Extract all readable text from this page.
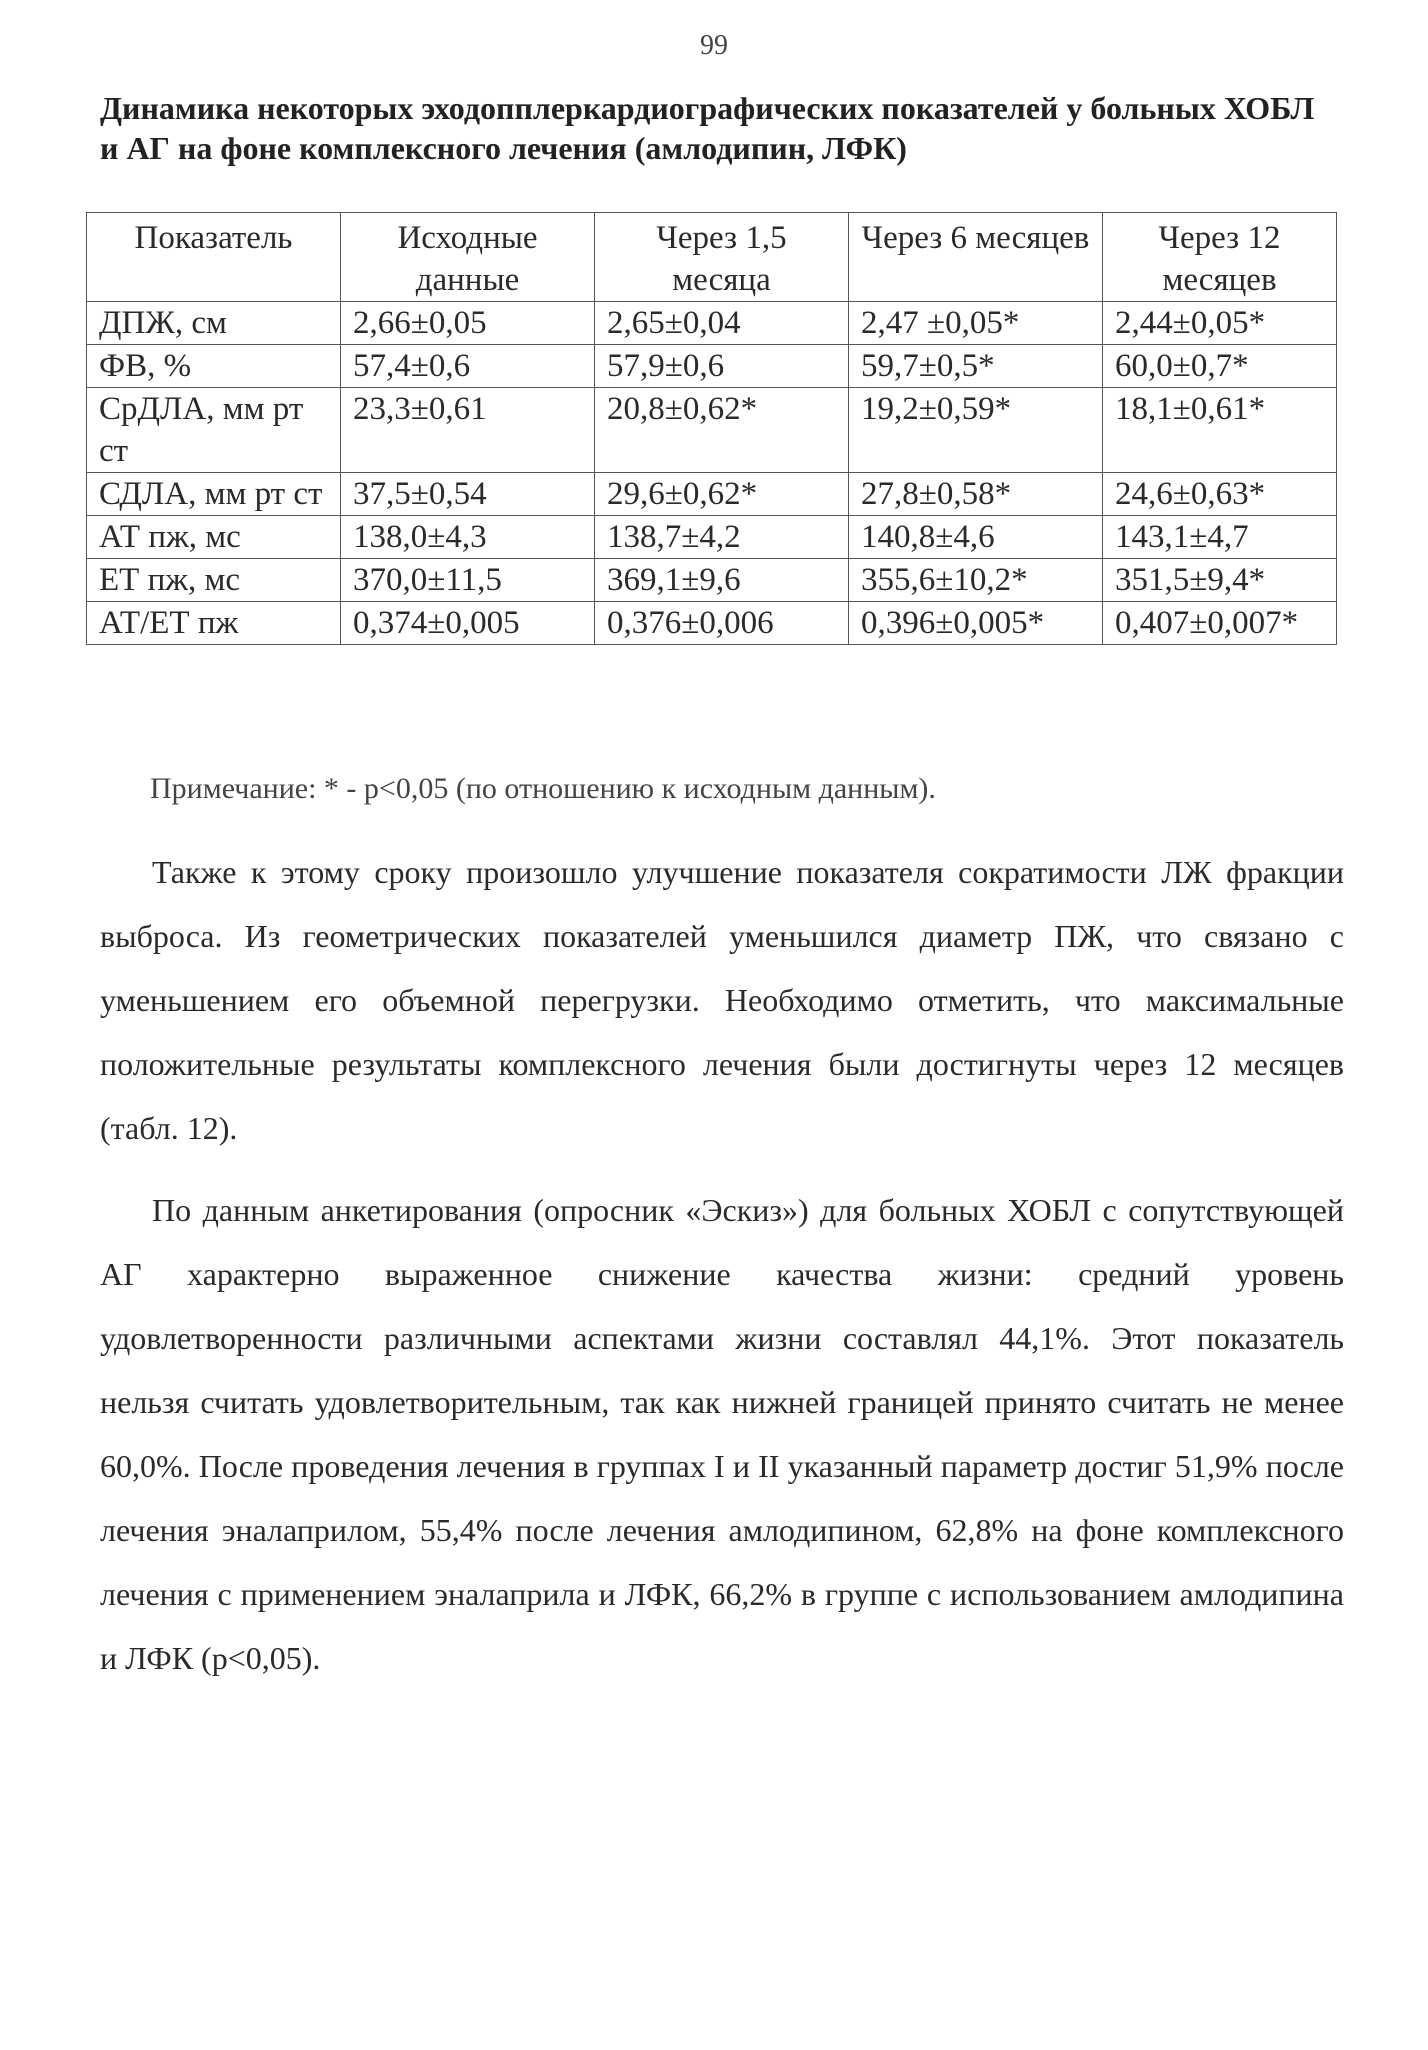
99
Динамика некоторых эходопплеркардиографических показателей у больных ХОБЛ и АГ на фоне комплексного лечения (амлодипин, ЛФК)
Показатель	Исходные данные	Через 1,5 месяца	Через 6 месяцев	Через 12 месяцев
ДПЖ, см	2,66±0,05	2,65±0,04	2,47 ±0,05*	2,44±0,05*
ФВ, %	57,4±0,6	57,9±0,6	59,7±0,5*	60,0±0,7*
СрДЛА, мм рт ст	23,3±0,61	20,8±0,62*	19,2±0,59*	18,1±0,61*
СДЛА, мм рт ст	37,5±0,54	29,6±0,62*	27,8±0,58*	24,6±0,63*
АТ пж, мс	138,0±4,3	138,7±4,2	140,8±4,6	143,1±4,7
ЕТ пж, мс	370,0±11,5	369,1±9,6	355,6±10,2*	351,5±9,4*
АТ/ЕТ пж	0,374±0,005	0,376±0,006	0,396±0,005*	0,407±0,007*
Примечание: * - р<0,05 (по отношению к исходным данным).

Также к этому сроку произошло улучшение показателя сократимости ЛЖ фракции выброса. Из геометрических показателей уменьшился диаметр ПЖ, что связано с уменьшением его объемной перегрузки. Необходимо отметить, что максимальные положительные результаты комплексного лечения были достигнуты через 12 месяцев (табл. 12).

По данным анкетирования (опросник «Эскиз») для больных ХОБЛ с сопутствующей АГ характерно выраженное снижение качества жизни: средний уровень удовлетворенности различными аспектами жизни составлял 44,1%. Этот показатель нельзя считать удовлетворительным, так как нижней границей принято считать не менее 60,0%. После проведения лечения в группах I и II указанный параметр достиг 51,9% после лечения эналаприлом, 55,4% после лечения амлодипином, 62,8% на фоне комплексного лечения с применением эналаприла и ЛФК, 66,2% в группе с использованием амлодипина и ЛФК (р<0,05).
